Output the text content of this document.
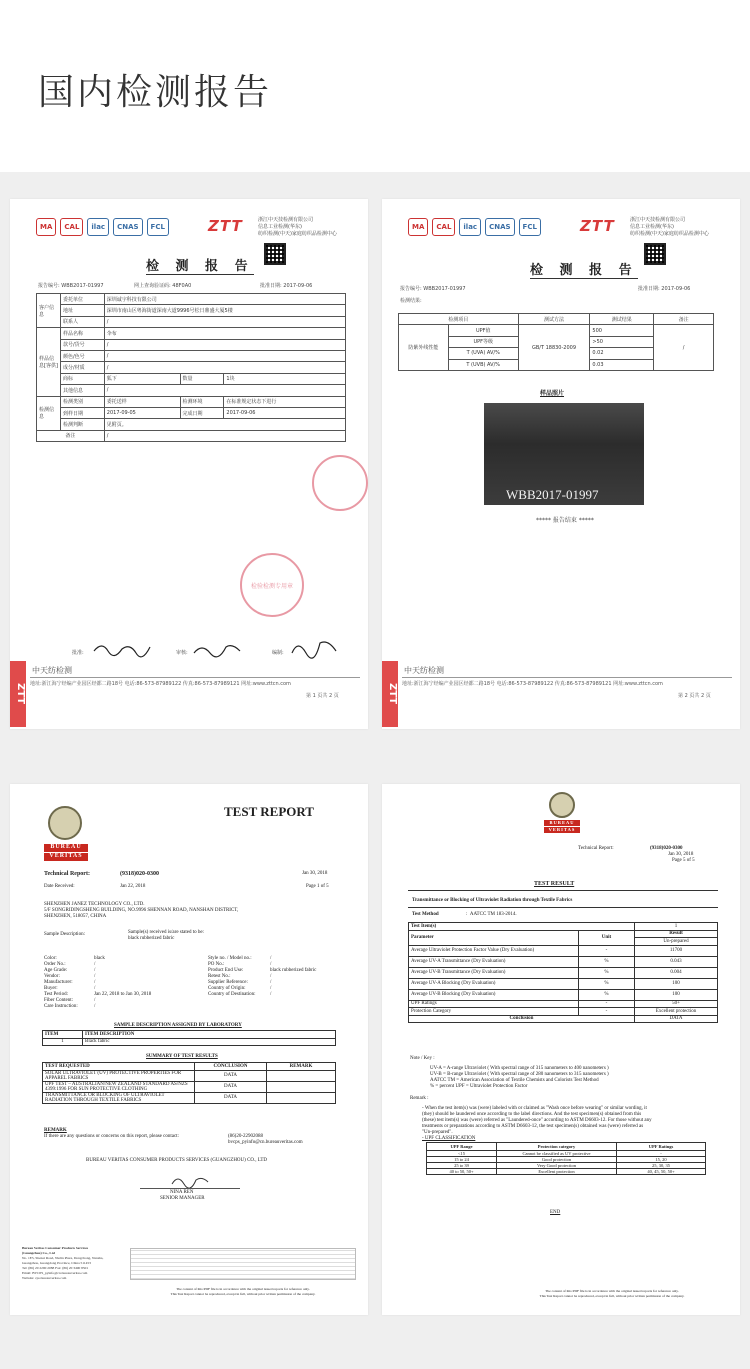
国内检测报告
MA	CAL	ilac	CNAS	FCL	ZTT	浙江中天技检测有限公司
信息工业检测(华东)
纺织检测(中天)家庭纺织品检测中心
检 测 报 告
报告编号: WBB2017-01997	网上查询验证码: 48F0A0	批准日期: 2017-09-06
客户信息	委托单位	深圳诚宇科技有限公司		
	地址	深圳市南山区粤海街道深南大道9996号松日鼎盛大厦5楼		
	联系人	/		
样品信息[客供]	样品名称	伞布		
	款号/货号	/		
	颜色/色号	/		
	成分/材质	/		
	商标	狐下	数量	1块
	其他信息	/		
检测信息	检测类别	委托送样	检测环境	在标准规定状态下进行
	到样日期	2017-09-05	完成日期	2017-09-06
	检测判断	见附页。		
备注		/		
检验检测专用章
批准:	审核:	编制:
ZTT
中天纺检测
地址:浙江海宁经编产业园区经都二路18号 电话:86-573-87989122 传真:86-573-87989121 网址:www.zttcn.com
第 1 页共 2 页
MA	CAL	ilac	CNAS	FCL	ZTT	浙江中天技检测有限公司
信息工业检测(华东)
纺织检测(中天)家庭纺织品检测中心
检 测 报 告
报告编号: WBB2017-01997	批准日期: 2017-09-06
检测结果:
检测项目		测试方法	测试结果	备注
防紫外线性能	UPF值	GB/T 18830-2009	500	/
	UPF等级		>50	
	T (UVA) AV/%		0.02	
	T (UVB) AV/%		0.03	
样品照片
WBB2017-01997
***** 报告结束 *****
ZTT
中天纺检测
地址:浙江海宁经编产业园区经都二路18号 电话:86-573-87989122 传真:86-573-87989121 网址:www.zttcn.com
第 2 页共 2 页
BUREAU
VERITAS
TEST REPORT
Technical Report:	(9318)020-0300	Jan 30, 2018
Date Received:	Jan 22, 2018	Page 1 of 5
SHENZHEN JANEZ TECHNOLOGY CO., LTD.
5/F SONGRIDINGSHENG BUILDING, NO.9996 SHENNAN ROAD, NANSHAN DISTRICT,
SHENZHEN, 518057, CHINA
Sample Description:	Sample(s) received is/are stated to be:
black rubberized fabric
Color:	black
Order No.:	/
Age Grade:	/
Vendor:	/
Manufacturer:	/
Buyer:	/
Test Period:	Jan 22, 2018 to Jan 30, 2018
Fiber Content:	/
Care Instruction:	/
Style no. / Model no.:	/
PO No.:	/
Product End Use:	black rubberized fabric
Retest No.:	/
Supplier Reference:	/
Country of Origin:	/
Country of Destination:	/
SAMPLE DESCRIPTION ASSIGNED BY LABORATORY
ITEM	ITEM DESCRIPTION
1	Black fabric
SUMMARY OF TEST RESULTS
TEST REQUESTED	CONCLUSION	REMARK
SOLAR ULTRAVIOLET (UV) PROTECTIVE PROPERTIES FOR APPAREL FABRICS	DATA	
UPF TEST – AUSTRALIAN/NEW ZEALAND STANDARD AS/NZS 4399:1996 FOR SUN PROTECTIVE CLOTHING	DATA	
TRANSMITTANCE OR BLOCKING OF ULTRAVIOLET RADIATION THROUGH TEXTILE FABRICS	DATA	
REMARK
If there are any questions or concerns on this report, please contact:	(86)20-22902088
bvcps_pyinfo@cn.bureauveritas.com
BUREAU VERITAS CONSUMER PRODUCTS SERVICES (GUANGZHOU) CO., LTD
NINA REN
SENIOR MANAGER
Bureau Veritas Consumer Products Services
(Guangzhou) Co., Ltd
No. 1E5, Shenai Road, Nielin Plaza, Dongchong, Nansha,
Guangzhou, Guangdong Province, China 511453
Tel: (86) 20 2290 2088 Fax: (86) 20 3490 8501
Email: BVCPS_pyinfo@cn.bureauveritas.com
Website: cps.bureauveritas.com
The content of this PDF file is in accordance with the original issued reports for reference only.
This Test Report cannot be reproduced, except in full, without prior written permission of the company.
BUREAU
VERITAS
Technical Report:	(9318)020-0300
Jan 30, 2018
Page 5 of 5
TEST RESULT
Transmittance or Blocking of Ultraviolet Radiation through Textile Fabrics
Test Method	:  AATCC TM 183-2014.
Test Item(s)		1
Parameter	Unit	Result
		Un-prepared
Average Ultraviolet Protection Factor Value (Dry Evaluation)	-	11700
Average UV-A Transmittance (Dry Evaluation)	%	0.043
Average UV-B Transmittance (Dry Evaluation)	%	0.004
Average UV-A Blocking (Dry Evaluation)	%	100
Average UV-B Blocking (Dry Evaluation)	%	100
UPF Ratings	-	50+
Protection Category	-	Excellent protection
Conclusion		DATA
Note / Key :
UV-A = A-range Ultraviolet ( With spectral range of 315 nanometers to 400 nanometers )
UV-B = B-range Ultraviolet ( With spectral range of 280 nanometers to 315 nanometers )
AATCC TM = American Association of Textile Chemists and Colorists Test Method
% = percent UPF = Ultraviolet Protection Factor
Remark :
- When the test item(s) was (were) labeled with or claimed as "Wash once before wearing" or similar wording, it
(they) should be laundered once according to the label directions. And the test specimen(s) obtained from this
(these) test item(s) was (were) referred as "Laundered-once" according to ASTM D6603-12. For those without any
treatments or preparations according to ASTM D6603-12, the test specimen(s) obtained was (were) referred as
"Un-prepared".
- UPF CLASSIFICATION
UPF Range	Protection category	UPF Ratings
<15	Cannot be classified as UV protective	-
15 to 24	Good protection	15, 20
25 to 39	Very Good protection	25, 30, 35
40 to 50, 50+	Excellent protection	40, 45, 50, 50+
END
The content of this PDF file is in accordance with the original issued reports for reference only.
This Test Report cannot be reproduced, except in full, without prior written permission of the company.
